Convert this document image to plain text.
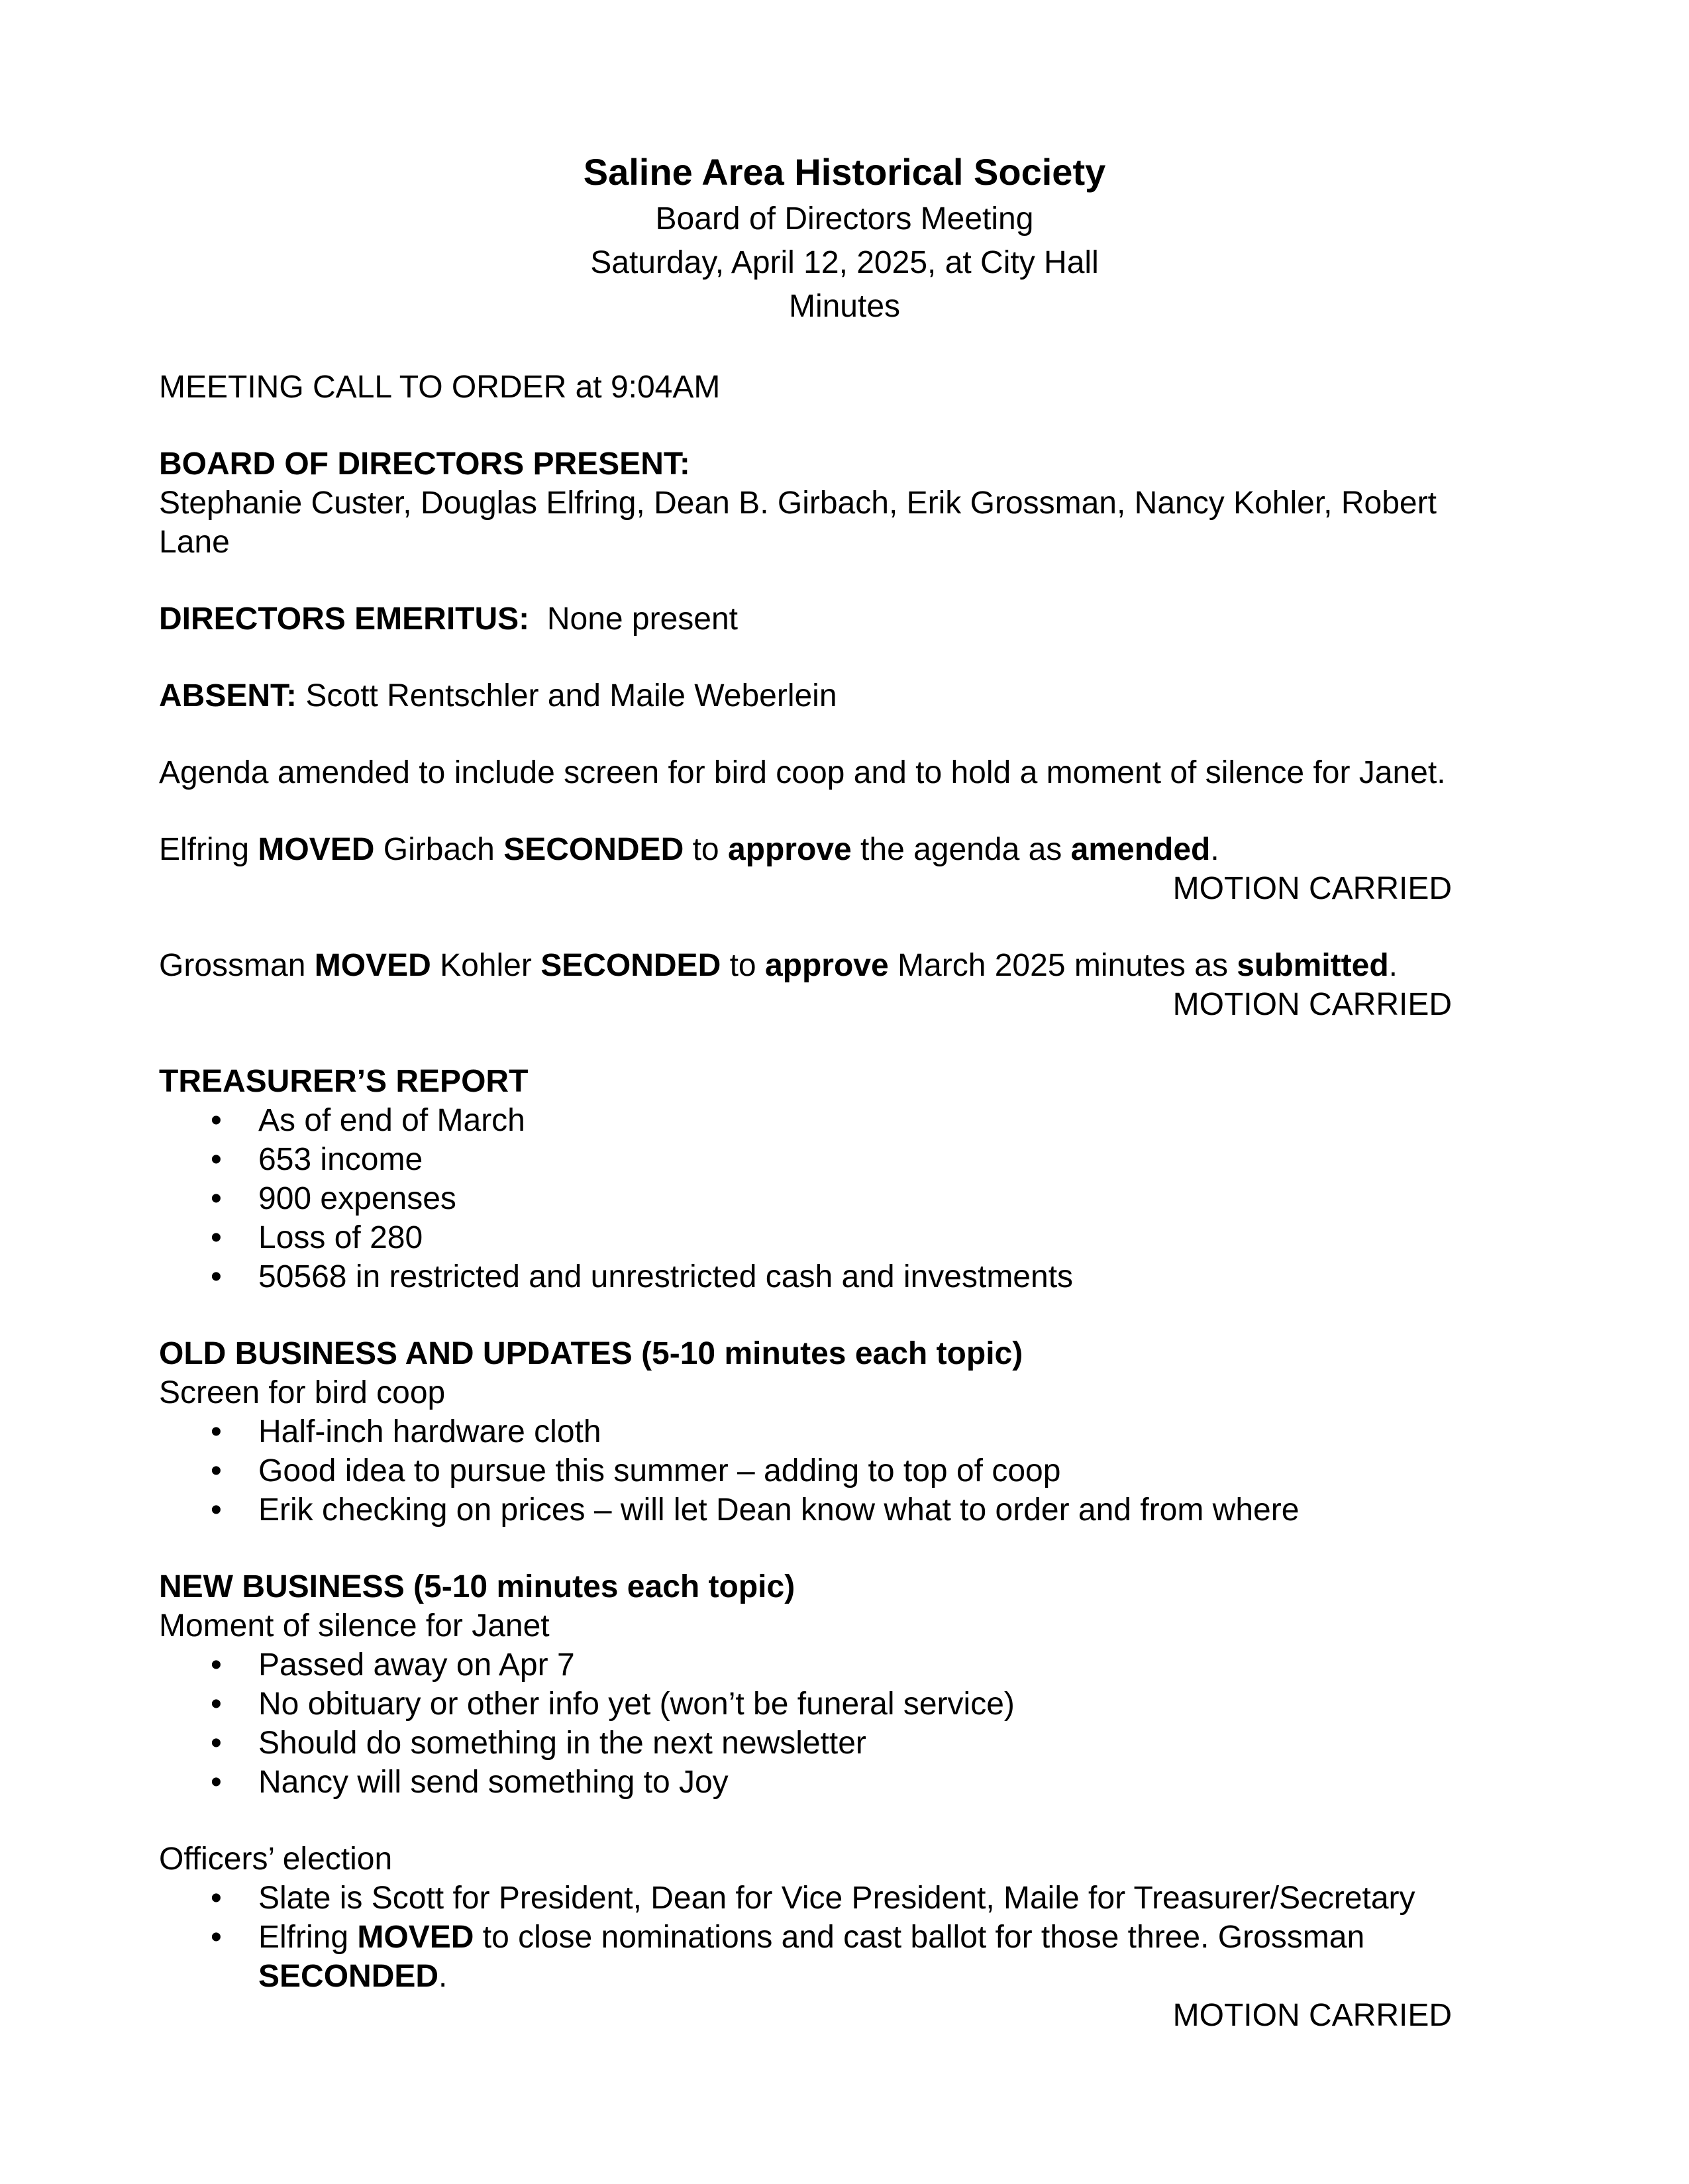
Saline Area Historical Society
Board of Directors Meeting
Saturday, April 12, 2025, at City Hall
Minutes

MEETING CALL TO ORDER at 9:04AM

BOARD OF DIRECTORS PRESENT:

Stephanie Custer, Douglas Elfring, Dean B. Girbach, Erik Grossman, Nancy Kohler, Robert

Lane

DIRECTORS EMERITUS: None present

ABSENT: Scott Rentschler and Maile Weberlein

Agenda amended to include screen for bird coop and to hold a moment of silence for Janet.

Elfring MOVED Girbach SECONDED to approve the agenda as amended.

MOTION CARRIED

Grossman MOVED Kohler SECONDED to approve March 2025 minutes as submitted.

MOTION CARRIED

TREASURER’S REPORT

• As of end of March
• 653 income
• 900 expenses
• Loss of 280
• 50568 in restricted and unrestricted cash and investments

OLD BUSINESS AND UPDATES (5-10 minutes each topic)

Screen for bird coop

• Half-inch hardware cloth
• Good idea to pursue this summer – adding to top of coop
• Erik checking on prices – will let Dean know what to order and from where

NEW BUSINESS (5-10 minutes each topic)

Moment of silence for Janet

• Passed away on Apr 7
• No obituary or other info yet (won’t be funeral service)
• Should do something in the next newsletter
• Nancy will send something to Joy

Officers’ election

• Slate is Scott for President, Dean for Vice President, Maile for Treasurer/Secretary
• Elfring MOVED to close nominations and cast ballot for those three. Grossman SECONDED.

MOTION CARRIED
